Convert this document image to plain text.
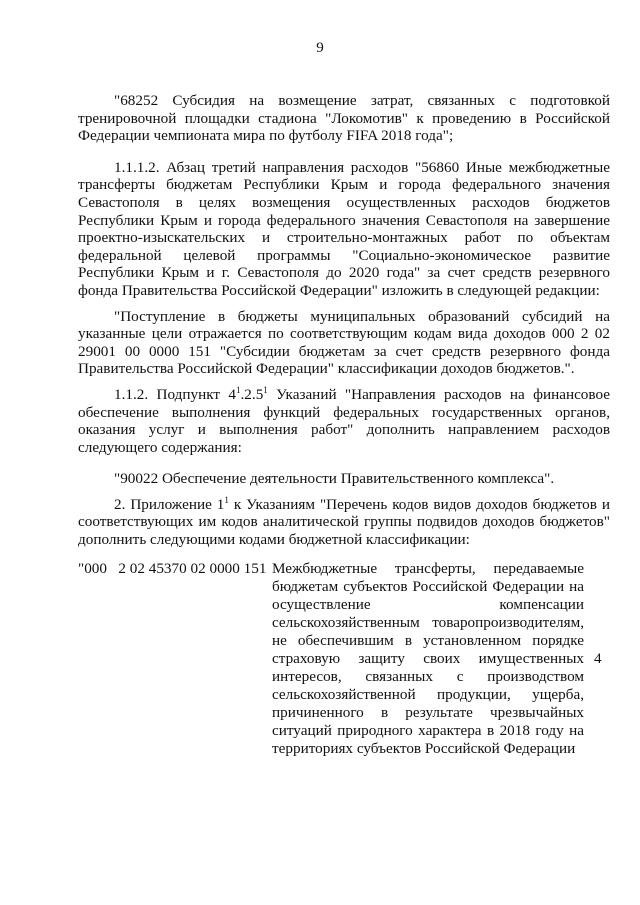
9

"68252 Субсидия на возмещение затрат, связанных с подготовкой тренировочной площадки стадиона "Локомотив" к проведению в Российской Федерации чемпионата мира по футболу FIFA 2018 года";

1.1.1.2. Абзац третий направления расходов "56860 Иные межбюджетные трансферты бюджетам Республики Крым и города федерального значения Севастополя в целях возмещения осуществленных расходов бюджетов Республики Крым и города федерального значения Севастополя на завершение проектно-изыскательских и строительно-монтажных работ по объектам федеральной целевой программы "Социально-экономическое развитие Республики Крым и г. Севастополя до 2020 года" за счет средств резервного фонда Правительства Российской Федерации" изложить в следующей редакции:

"Поступление в бюджеты муниципальных образований субсидий на указанные цели отражается по соответствующим кодам вида доходов 000 2 02 29001 00 0000 151 "Субсидии бюджетам за счет средств резервного фонда Правительства Российской Федерации" классификации доходов бюджетов.".

1.1.2. Подпункт $4^1.2.5^1$ Указаний "Направления расходов на финансовое обеспечение выполнения функций федеральных государственных органов, оказания услуг и выполнения работ" дополнить направлением расходов следующего содержания:

"90022 Обеспечение деятельности Правительственного комплекса".

2. Приложение $1^1$ к Указаниям "Перечень кодов видов доходов бюджетов и соответствующих им кодов аналитической группы подвидов доходов бюджетов" дополнить следующими кодами бюджетной классификации:

"000   2 02 45370 02 0000 151 Межбюджетные трансферты, передаваемые бюджетам субъектов Российской Федерации на осуществление компенсации сельскохозяйственным товаропроизводителям, не обеспечившим в установленном порядке страховую защиту своих имущественных интересов, связанных с производством сельскохозяйственной продукции, ущерба, причиненного в результате чрезвычайных ситуаций природного характера в 2018 году на территориях субъектов Российской Федерации
4
